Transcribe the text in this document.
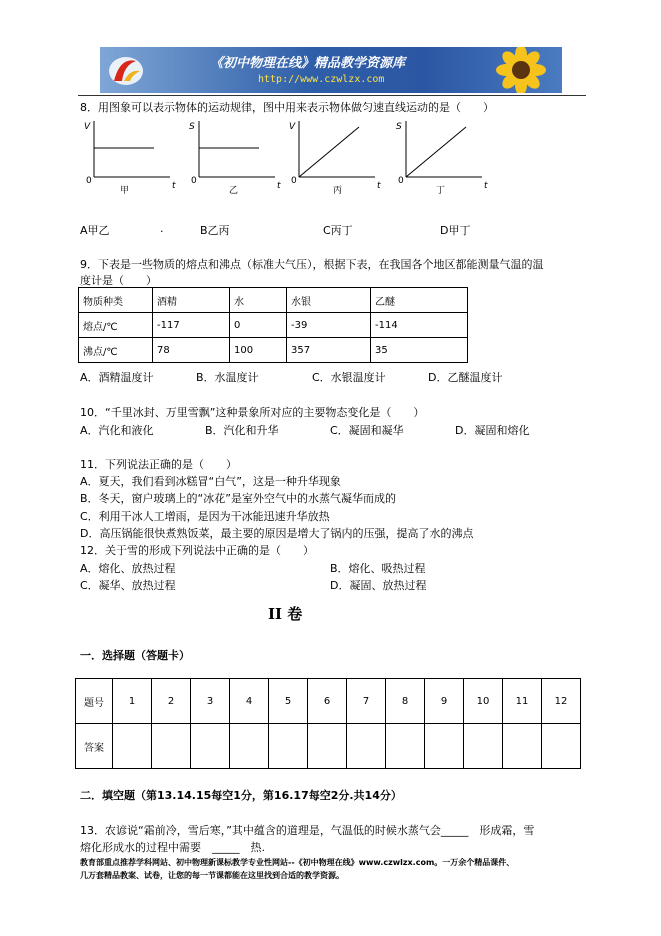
《初中物理在线》精品教学资源库
http://www.czwlzx.com
8．用图象可以表示物体的运动规律，图中用来表示物体做匀速直线运动的是（　　）
V
0	t
甲
S
0	t
乙
V
0	t
丙
S
0	t
丁
A甲乙	.	B乙丙	C丙丁	D甲丁
9．下表是一些物质的熔点和沸点（标准大气压），根据下表，在我国各个地区都能测量气温的温
度计是（　　）
物质种类	酒精	水	水银	乙醚
熔点/℃	-117	0	-39	-114
沸点/℃	78	100	357	35
A．酒精温度计	B．水温度计	C．水银温度计	D．乙醚温度计
10．“千里冰封、万里雪飘”这种景象所对应的主要物态变化是（　　）
A．汽化和液化	B．汽化和升华	C．凝固和凝华	D．凝固和熔化
11．下列说法正确的是（　　）
A．夏天，我们看到冰糕冒“白气”，这是一种升华现象
B．冬天，窗户玻璃上的“冰花”是室外空气中的水蒸气凝华而成的
C．利用干冰人工增雨，是因为干冰能迅速升华放热
D．高压锅能很快煮熟饭菜，最主要的原因是增大了锅内的压强，提高了水的沸点
12．关于雪的形成下列说法中正确的是（　　）
A．熔化、放热过程	B．熔化、吸热过程
C．凝华、放热过程	D．凝固、放热过程
II 卷
一．选择题（答题卡）
题号	1	2	3	4	5	6	7	8	9	10	11	12
答案												
二．填空题（第13.14.15每空1分，第16.17每空2分.共14分）
13．农谚说“霜前冷，雪后寒，”其中蕴含的道理是，气温低的时候水蒸气会_____　形成霜，雪
熔化形成水的过程中需要　_____　热.
教育部重点推荐学科网站、初中物理新课标教学专业性网站--《初中物理在线》www.czwlzx.com。一万余个精品课件、
几万套精品教案、试卷，让您的每一节课都能在这里找到合适的教学资源。
